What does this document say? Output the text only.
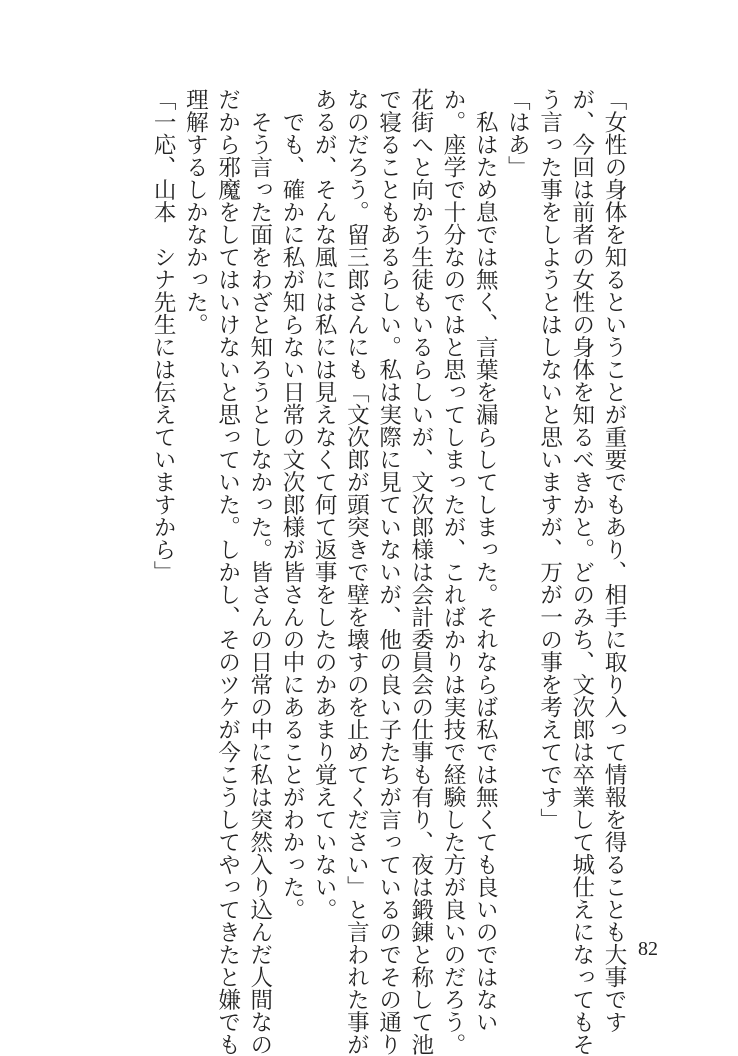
「女性の身体を知るということが重要でもあり、相手に取り入って情報を得ることも大事です
が、今回は前者の女性の身体を知るべきかと。どのみち、文次郎は卒業して城仕えになってもそ
う言った事をしようとはしないと思いますが、万が一の事を考えてです」
「はあ」
　私はため息では無く、言葉を漏らしてしまった。それならば私では無くても良いのではない
か。座学で十分なのではと思ってしまったが、こればかりは実技で経験した方が良いのだろう。
花街へと向かう生徒もいるらしいが、文次郎様は会計委員会の仕事も有り、夜は鍛錬と称して池
で寝ることもあるらしい。私は実際に見ていないが、他の良い子たちが言っているのでその通り
なのだろう。留三郎さんにも「文次郎が頭突きで壁を壊すのを止めてください」と言われた事が
あるが、そんな風には私には見えなくて何て返事をしたのかあまり覚えていない。
　でも、確かに私が知らない日常の文次郎様が皆さんの中にあることがわかった。
　そう言った面をわざと知ろうとしなかった。皆さんの日常の中に私は突然入り込んだ人間なの
だから邪魔をしてはいけないと思っていた。しかし、そのツケが今こうしてやってきたと嫌でも
理解するしかなかった。
「一応、山本　シナ先生には伝えていますから」
82
